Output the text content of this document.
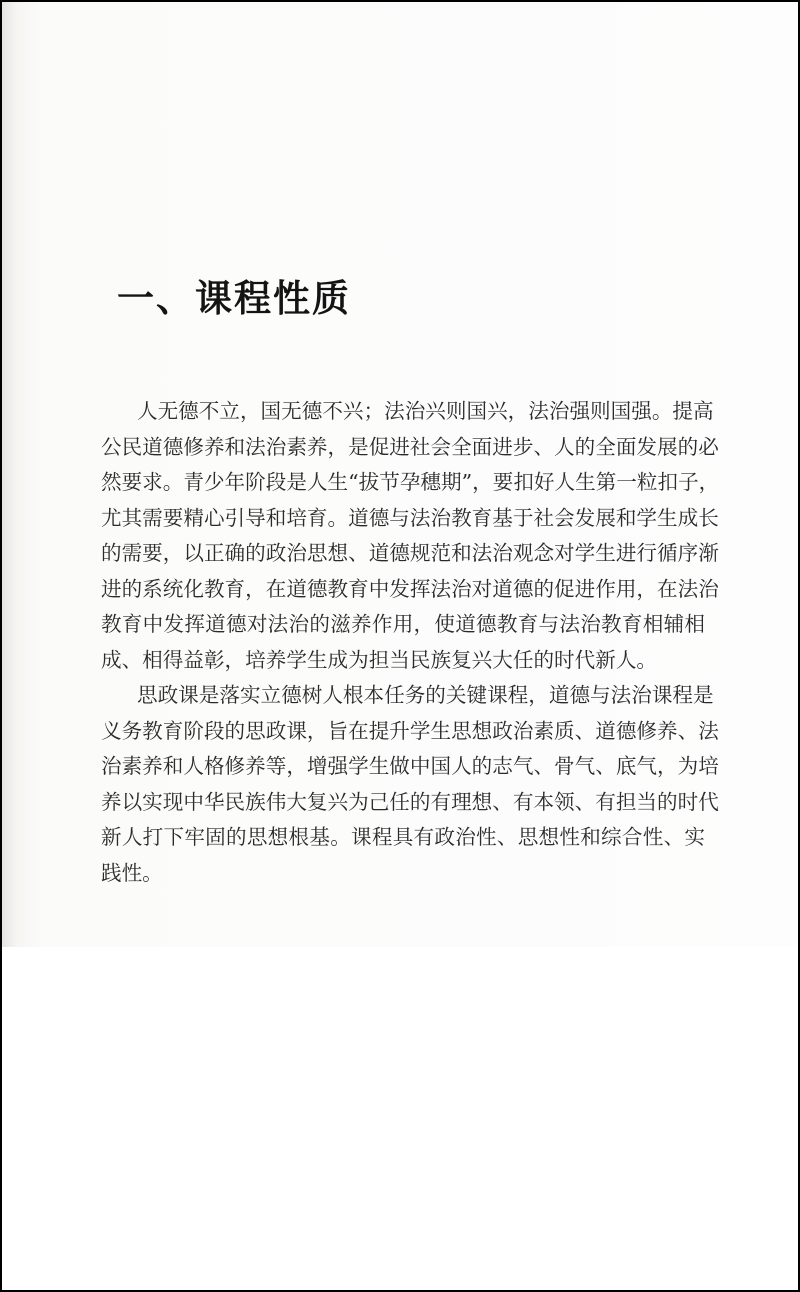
一、课程性质
人无德不立，国无德不兴；法治兴则国兴，法治强则国强。提高
公民道德修养和法治素养，是促进社会全面进步、人的全面发展的必
然要求。青少年阶段是人生“拔节孕穗期”，要扣好人生第一粒扣子，
尤其需要精心引导和培育。道德与法治教育基于社会发展和学生成长
的需要，以正确的政治思想、道德规范和法治观念对学生进行循序渐
进的系统化教育，在道德教育中发挥法治对道德的促进作用，在法治
教育中发挥道德对法治的滋养作用，使道德教育与法治教育相辅相
成、相得益彰，培养学生成为担当民族复兴大任的时代新人。
思政课是落实立德树人根本任务的关键课程，道德与法治课程是
义务教育阶段的思政课，旨在提升学生思想政治素质、道德修养、法
治素养和人格修养等，增强学生做中国人的志气、骨气、底气，为培
养以实现中华民族伟大复兴为己任的有理想、有本领、有担当的时代
新人打下牢固的思想根基。课程具有政治性、思想性和综合性、实
践性。
